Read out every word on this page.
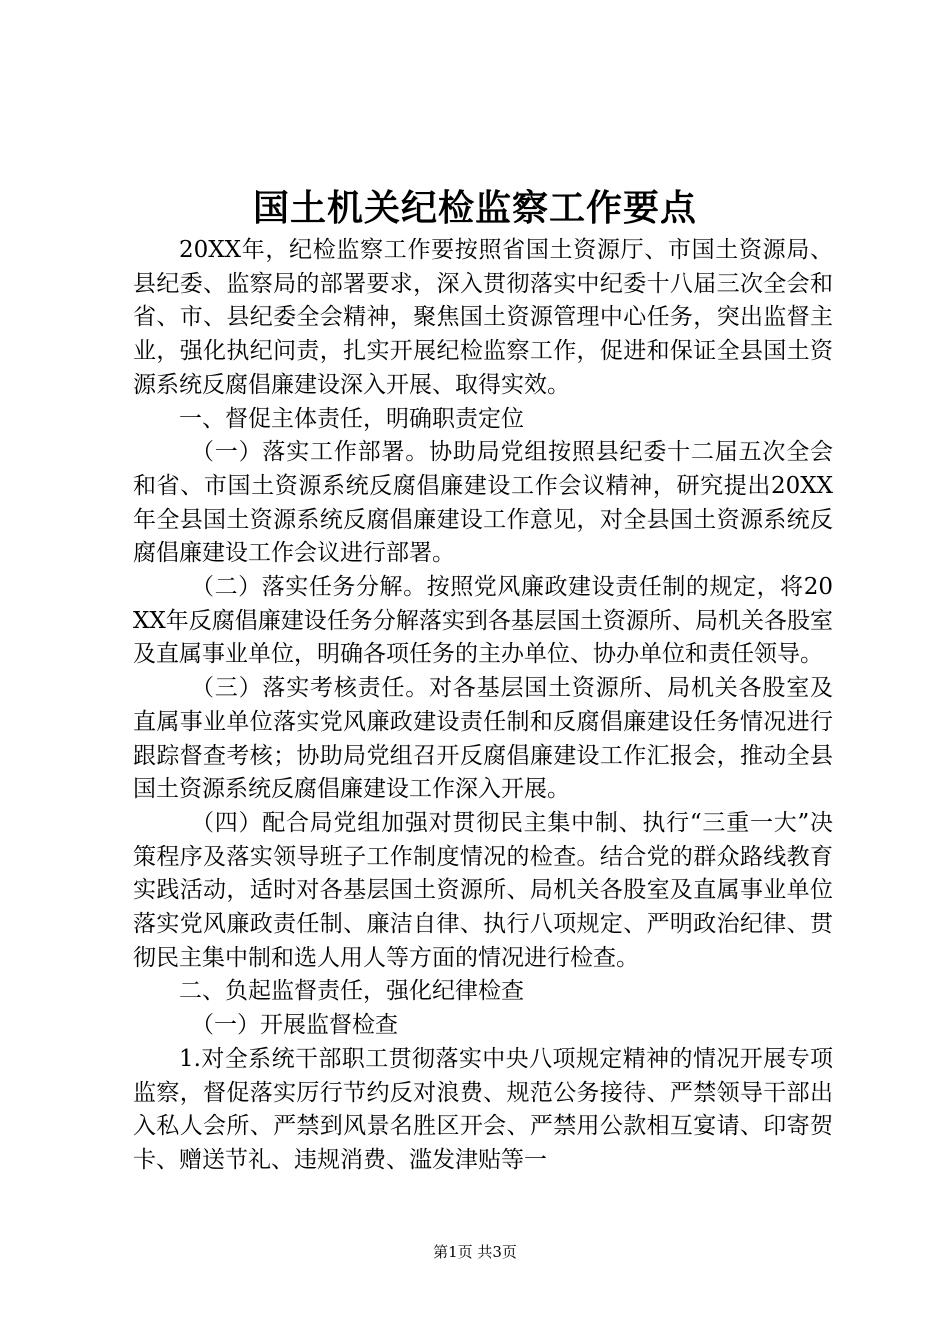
国土机关纪检监察工作要点

20XX年，纪检监察工作要按照省国土资源厅、市国土资源局、县纪委、监察局的部署要求，深入贯彻落实中纪委十八届三次全会和省、市、县纪委全会精神，聚焦国土资源管理中心任务，突出监督主业，强化执纪问责，扎实开展纪检监察工作，促进和保证全县国土资源系统反腐倡廉建设深入开展、取得实效。

一、督促主体责任，明确职责定位

（一）落实工作部署。协助局党组按照县纪委十二届五次全会和省、市国土资源系统反腐倡廉建设工作会议精神，研究提出20XX年全县国土资源系统反腐倡廉建设工作意见，对全县国土资源系统反腐倡廉建设工作会议进行部署。

（二）落实任务分解。按照党风廉政建设责任制的规定，将20XX年反腐倡廉建设任务分解落实到各基层国土资源所、局机关各股室及直属事业单位，明确各项任务的主办单位、协办单位和责任领导。

（三）落实考核责任。对各基层国土资源所、局机关各股室及直属事业单位落实党风廉政建设责任制和反腐倡廉建设任务情况进行跟踪督查考核；协助局党组召开反腐倡廉建设工作汇报会，推动全县国土资源系统反腐倡廉建设工作深入开展。

（四）配合局党组加强对贯彻民主集中制、执行“三重一大”决策程序及落实领导班子工作制度情况的检查。结合党的群众路线教育实践活动，适时对各基层国土资源所、局机关各股室及直属事业单位落实党风廉政责任制、廉洁自律、执行八项规定、严明政治纪律、贯彻民主集中制和选人用人等方面的情况进行检查。

二、负起监督责任，强化纪律检查

（一）开展监督检查

1.对全系统干部职工贯彻落实中央八项规定精神的情况开展专项监察，督促落实厉行节约反对浪费、规范公务接待、严禁领导干部出入私人会所、严禁到风景名胜区开会、严禁用公款相互宴请、印寄贺卡、赠送节礼、违规消费、滥发津贴等一

第1页 共3页
